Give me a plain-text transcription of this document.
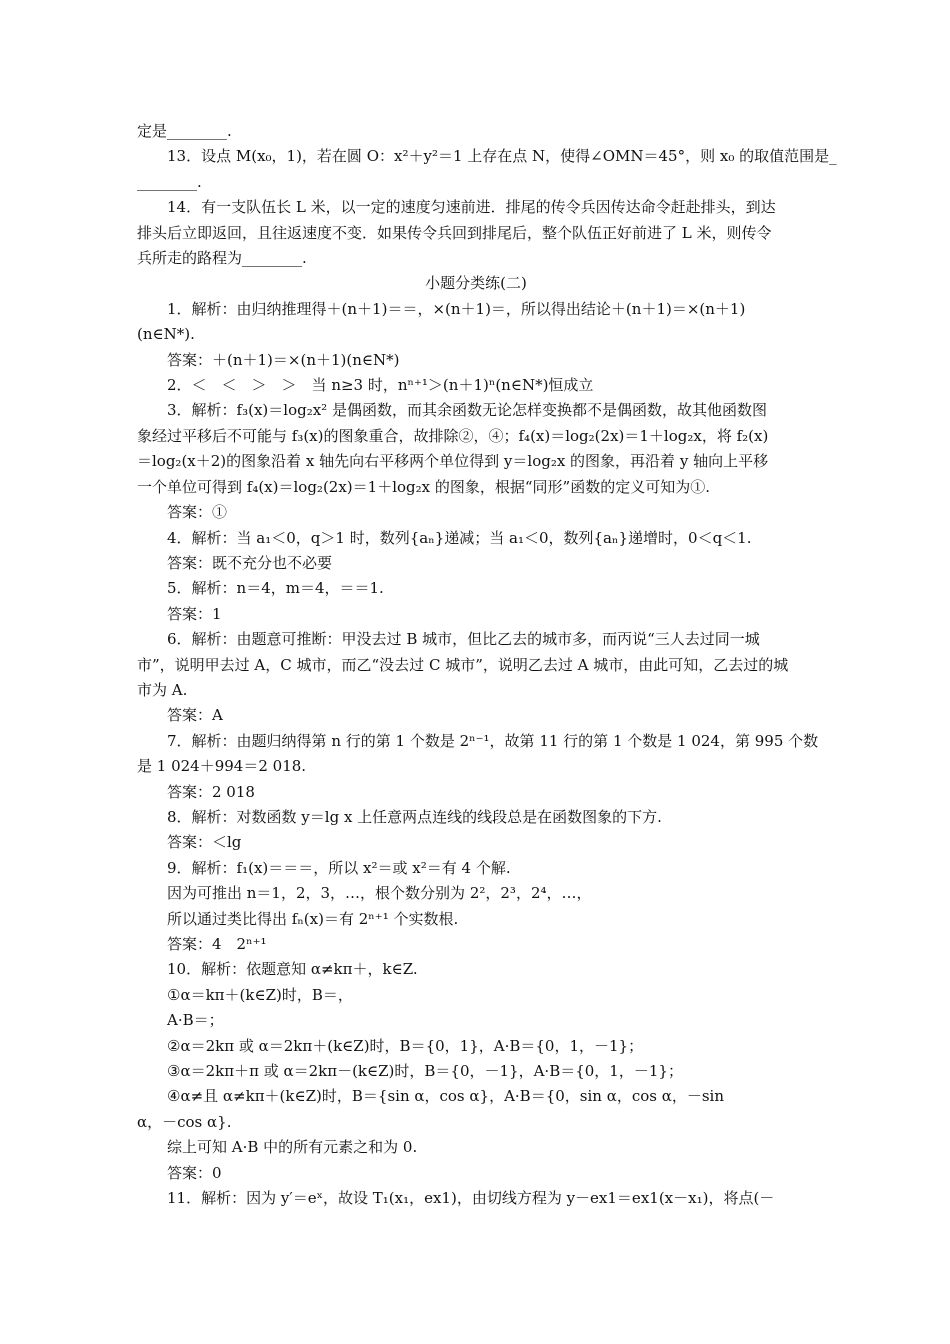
定是________.
13．设点 M(x₀，1)，若在圆 O：x²＋y²＝1 上存在点 N，使得∠OMN＝45°，则 x₀ 的取值范围是_
________.
14．有一支队伍长 L 米，以一定的速度匀速前进．排尾的传令兵因传达命令赶赴排头，到达
排头后立即返回，且往返速度不变．如果传令兵回到排尾后，整个队伍正好前进了 L 米，则传令
兵所走的路程为________.
小题分类练(二)
1．解析：由归纳推理得＋(n＋1)＝＝，×(n＋1)＝，所以得出结论＋(n＋1)＝×(n＋1)
(n∈N*).
答案：＋(n＋1)＝×(n＋1)(n∈N*)
2．＜　＜　＞　＞　当 n≥3 时，nⁿ⁺¹＞(n＋1)ⁿ(n∈N*)恒成立
3．解析：f₃(x)＝log₂x² 是偶函数，而其余函数无论怎样变换都不是偶函数，故其他函数图
象经过平移后不可能与 f₃(x)的图象重合，故排除②，④；f₄(x)＝log₂(2x)＝1＋log₂x，将 f₂(x)
＝log₂(x＋2)的图象沿着 x 轴先向右平移两个单位得到 y＝log₂x 的图象，再沿着 y 轴向上平移
一个单位可得到 f₄(x)＝log₂(2x)＝1＋log₂x 的图象，根据“同形”函数的定义可知为①.
答案：①
4．解析：当 a₁＜0，q＞1 时，数列{aₙ}递减；当 a₁＜0，数列{aₙ}递增时，0＜q＜1.
答案：既不充分也不必要
5．解析：n＝4，m＝4，＝＝1.
答案：1
6．解析：由题意可推断：甲没去过 B 城市，但比乙去的城市多，而丙说“三人去过同一城
市”，说明甲去过 A，C 城市，而乙“没去过 C 城市”，说明乙去过 A 城市，由此可知，乙去过的城
市为 A.
答案：A
7．解析：由题归纳得第 n 行的第 1 个数是 2ⁿ⁻¹，故第 11 行的第 1 个数是 1 024，第 995 个数
是 1 024＋994＝2 018.
答案：2 018
8．解析：对数函数 y＝lg x 上任意两点连线的线段总是在函数图象的下方.
答案：＜lg
9．解析：f₁(x)＝＝＝，所以 x²＝或 x²＝有 4 个解.
因为可推出 n＝1，2，3，…，根个数分别为 2²，2³，2⁴，…，
所以通过类比得出 fₙ(x)＝有 2ⁿ⁺¹ 个实数根.
答案：4　2ⁿ⁺¹
10．解析：依题意知 α≠kπ＋，k∈Z.
①α＝kπ＋(k∈Z)时，B＝，
A·B＝；
②α＝2kπ 或 α＝2kπ＋(k∈Z)时，B＝{0，1}，A·B＝{0，1，－1}；
③α＝2kπ＋π 或 α＝2kπ－(k∈Z)时，B＝{0，－1}，A·B＝{0，1，－1}；
④α≠且 α≠kπ＋(k∈Z)时，B＝{sin α，cos α}，A·B＝{0，sin α，cos α，－sin
α，－cos α}.
综上可知 A·B 中的所有元素之和为 0.
答案：0
11．解析：因为 y′＝eˣ，故设 T₁(x₁，ex1)，由切线方程为 y－ex1＝ex1(x－x₁)，将点(－
